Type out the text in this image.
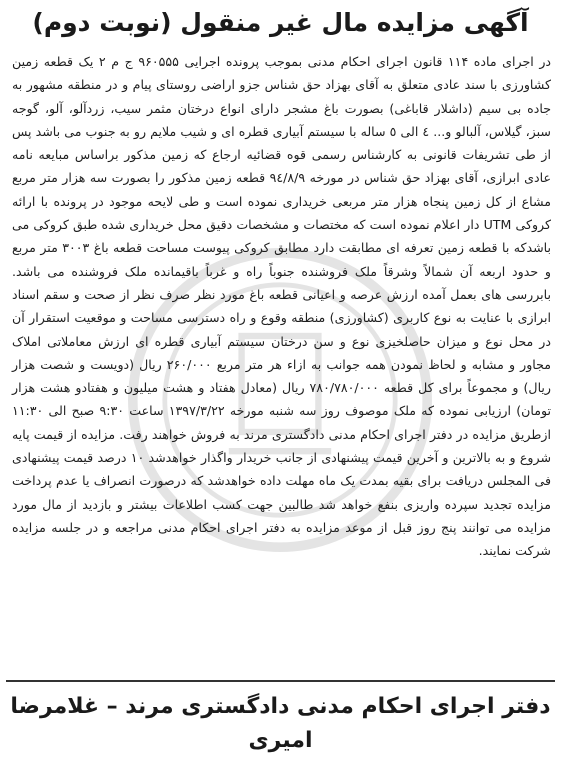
آگهی مزایده مال غیر منقول (نوبت دوم)

در اجرای ماده ۱۱۴ قانون اجرای احکام مدنی بموجب پرونده اجرایی ۹۶۰۵۵۵ ج م ۲ یک قطعه زمین کشاورزی با سند عادی متعلق به آقای بهزاد حق شناس جزو اراضی روستای پیام و در منطقه مشهور به جاده بی سیم (داشلار قاباغی) بصورت باغ مشجر دارای انواع درختان مثمر سیب، زردآلو، آلو، گوجه سبز، گیلاس، آلبالو و... ٤ الی ٥ ساله با سیستم آبیاری قطره ای و شیب ملایم رو به جنوب می باشد پس از طی تشریفات قانونی به کارشناس رسمی قوه قضائیه ارجاع که زمین مذکور براساس مبایعه نامه عادی ابرازی، آقای بهزاد حق شناس در مورخه ۹٤/۸/۹ قطعه زمین مذکور را بصورت سه هزار متر مربع مشاع از کل زمین پنجاه هزار متر مربعی خریداری نموده است و طی لایحه موجود در پرونده با ارائه کروکی UTM دار اعلام نموده است که مختصات و مشخصات دقیق محل خریداری شده طبق کروکی می باشدکه با قطعه زمین تعرفه ای مطابقت دارد مطابق کروکی پیوست مساحت قطعه باغ ۳۰۰۳ متر مربع و حدود اربعه آن شمالاً وشرقاً ملک فروشنده جنوباً راه و غرباً باقیمانده ملک فروشنده می باشد. بابررسی های بعمل آمده ارزش عرصه و اعیانی قطعه باغ مورد نظر صرف نظر از صحت و سقم اسناد ابرازی با عنایت به نوع کاربری (کشاورزی) منطقه وقوع و راه دسترسی مساحت و موقعیت استقرار آن در محل نوع و میزان حاصلخیزی نوع و سن درختان سیستم آبیاری قطره ای ارزش معاملاتی املاک مجاور و مشابه و لحاظ نمودن همه جوانب به ازاء هر متر مربع ۲۶۰/۰۰۰ ریال (دویست و شصت هزار ریال) و مجموعاً برای کل قطعه ۷۸۰/۷۸۰/۰۰۰ ریال (معادل هفتاد و هشت میلیون و هفتادو هشت هزار تومان) ارزیابی نموده که ملک موصوف روز سه شنبه مورخه ۱۳۹۷/۳/۲۲ ساعت ۹:۳۰ صبح الی ۱۱:۳۰ ازطریق مزایده در دفتر اجرای احکام مدنی دادگستری مرند به فروش خواهند رفت. مزایده از قیمت پایه شروع و به بالاترین و آخرین قیمت پیشنهادی از جانب خریدار واگذار خواهدشد ۱۰ درصد قیمت پیشنهادی فی المجلس دریافت برای بقیه بمدت یک ماه مهلت داده خواهدشد که درصورت انصراف یا عدم پرداخت مزایده تجدید سپرده واریزی بنفع خواهد شد طالبین جهت کسب اطلاعات بیشتر و بازدید از مال مورد مزایده می توانند پنج روز قبل از موعد مزایده به دفتر اجرای احکام مدنی مراجعه و در جلسه مزایده شرکت نمایند.

دفتر اجرای احکام مدنی دادگستری مرند – غلامرضا امیری
